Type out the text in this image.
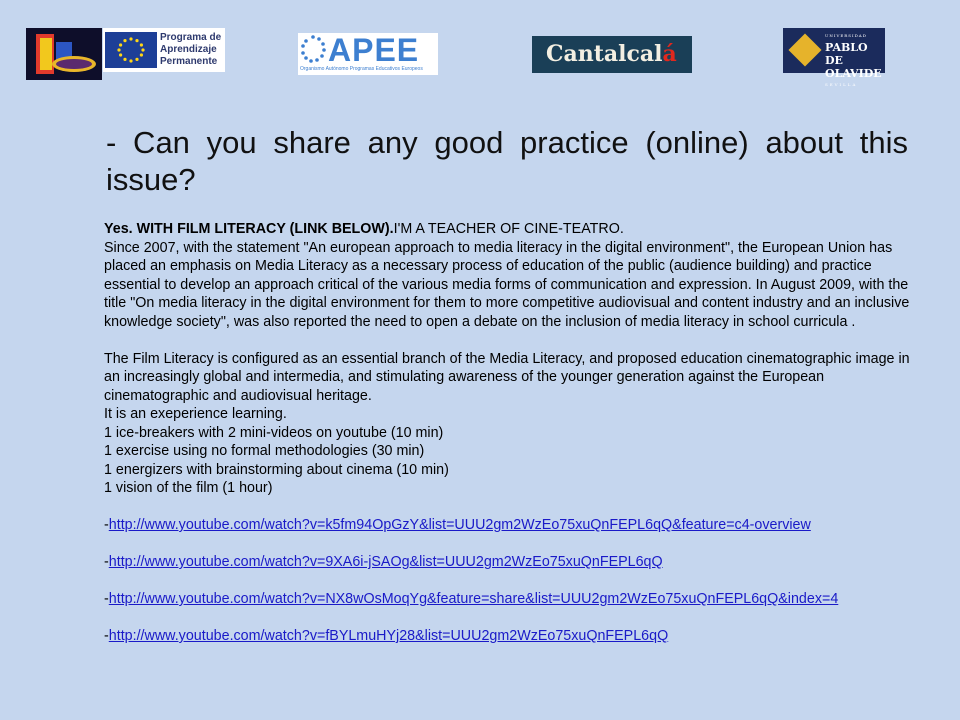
Programa de
Aprendizaje
Permanente	APEE
Organismo Autónomo Programas Educativos Europeos
Cantalcalá
UNIVERSIDAD
PABLO DE
OLAVIDE
SEVILLA
- Can you share any good practice (online) about this issue?

Yes. WITH FILM LITERACY (LINK BELOW).I'M A TEACHER OF CINE-TEATRO.

Since 2007, with the statement "An european approach to media literacy in the digital environment", the European Union has placed an emphasis on Media Literacy as a necessary process of education of the public (audience building) and practice essential to develop an approach critical of the various media forms of communication and expression. In August 2009, with the title "On media literacy in the digital environment for them to more competitive audiovisual and content industry and an inclusive knowledge society", was also reported the need to open a debate on the inclusion of media literacy in school curricula .

The Film Literacy is configured as an essential branch of the Media Literacy, and proposed education cinematographic image in an increasingly global and intermedia, and stimulating awareness of the younger generation against the European cinematographic and audiovisual heritage.

It is an exeperience learning.

1 ice-breakers with 2 mini-videos on youtube (10 min)

1 exercise using no formal methodologies (30 min)

1 energizers with brainstorming about cinema (10 min)

1 vision of the film (1 hour)

-http://www.youtube.com/watch?v=k5fm94OpGzY&list=UUU2gm2WzEo75xuQnFEPL6qQ&feature=c4-overview

-http://www.youtube.com/watch?v=9XA6i-jSAOg&list=UUU2gm2WzEo75xuQnFEPL6qQ

-http://www.youtube.com/watch?v=NX8wOsMoqYg&feature=share&list=UUU2gm2WzEo75xuQnFEPL6qQ&index=4

-http://www.youtube.com/watch?v=fBYLmuHYj28&list=UUU2gm2WzEo75xuQnFEPL6qQ
